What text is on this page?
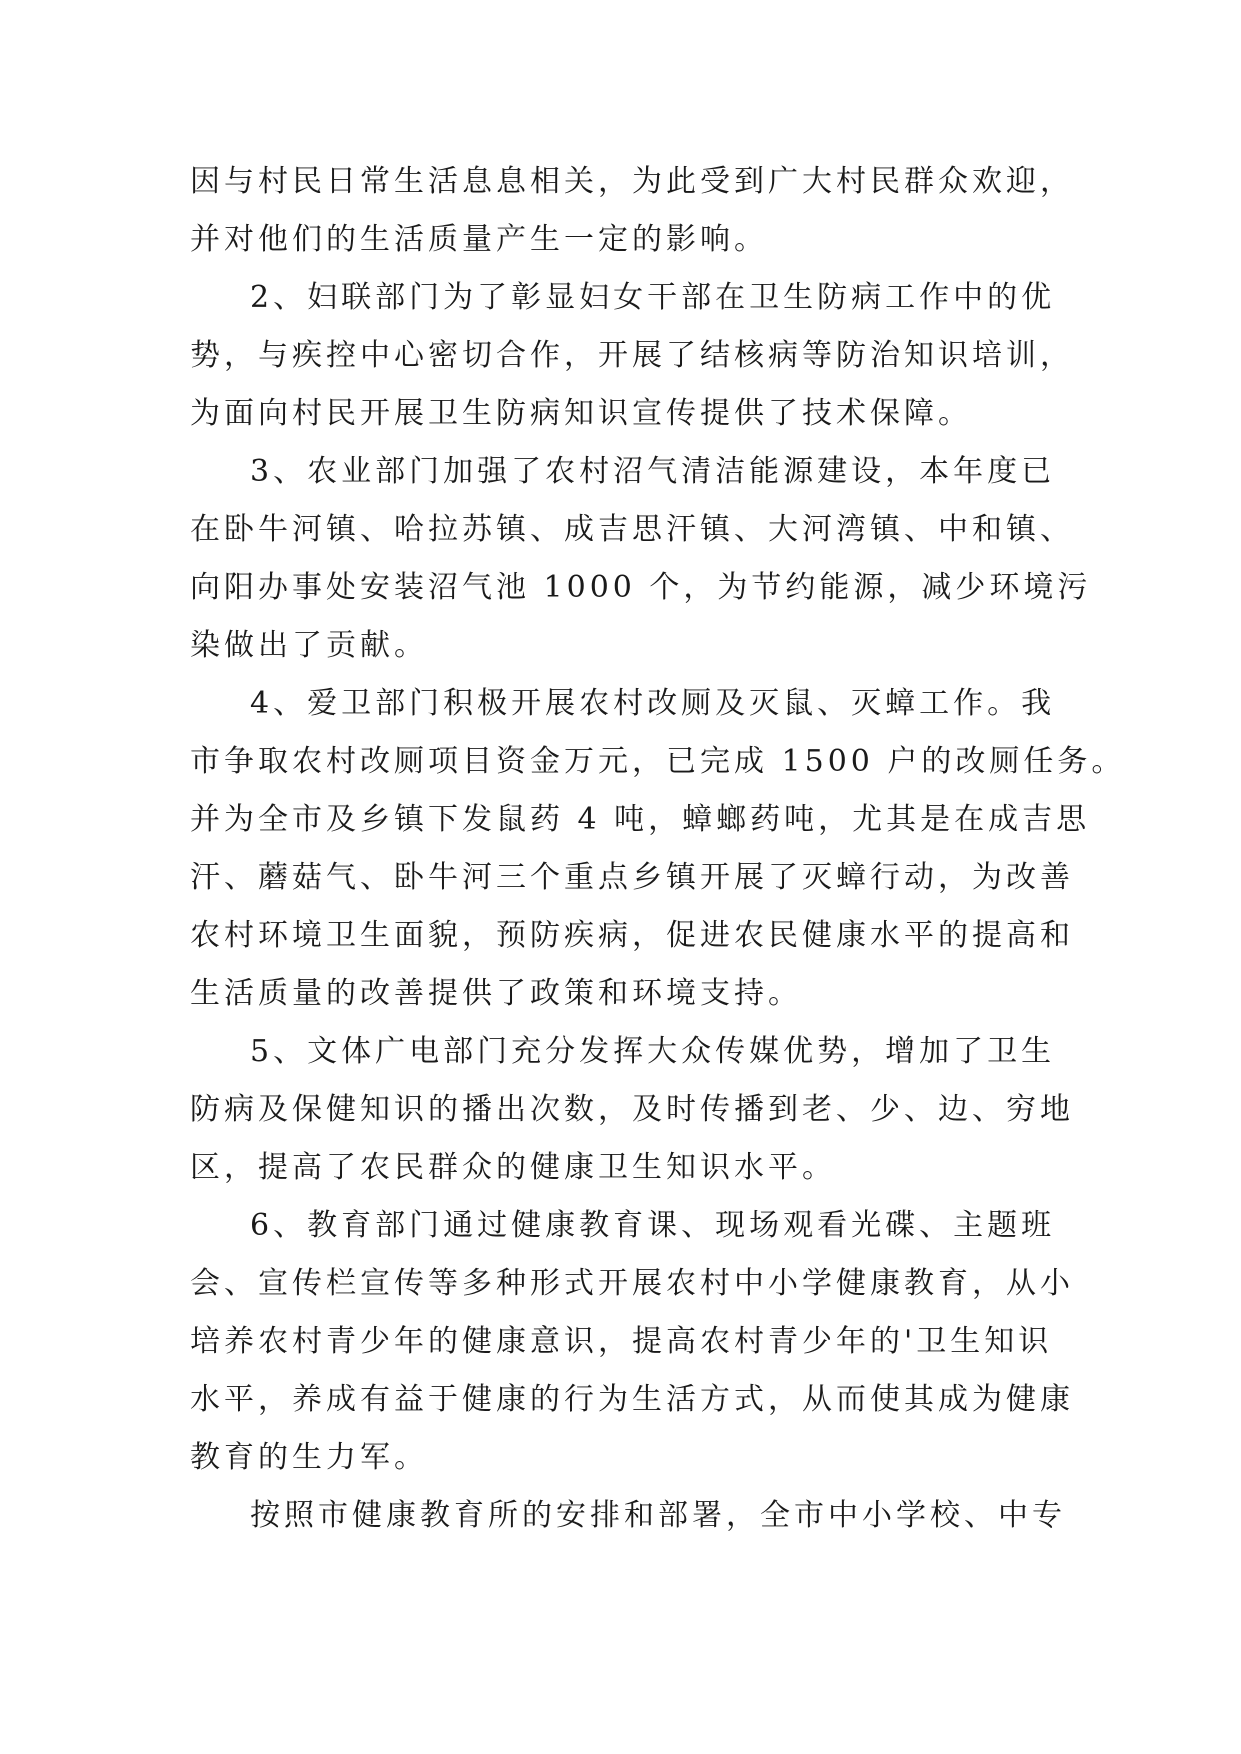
因与村民日常生活息息相关，为此受到广大村民群众欢迎，
并对他们的生活质量产生一定的影响。
2、妇联部门为了彰显妇女干部在卫生防病工作中的优
势，与疾控中心密切合作，开展了结核病等防治知识培训，
为面向村民开展卫生防病知识宣传提供了技术保障。
3、农业部门加强了农村沼气清洁能源建设，本年度已
在卧牛河镇、哈拉苏镇、成吉思汗镇、大河湾镇、中和镇、
向阳办事处安装沼气池 1000 个，为节约能源，减少环境污
染做出了贡献。
4、爱卫部门积极开展农村改厕及灭鼠、灭蟑工作。我
市争取农村改厕项目资金万元，已完成 1500 户的改厕任务。
并为全市及乡镇下发鼠药 4 吨，蟑螂药吨，尤其是在成吉思
汗、蘑菇气、卧牛河三个重点乡镇开展了灭蟑行动，为改善
农村环境卫生面貌，预防疾病，促进农民健康水平的提高和
生活质量的改善提供了政策和环境支持。
5、文体广电部门充分发挥大众传媒优势，增加了卫生
防病及保健知识的播出次数，及时传播到老、少、边、穷地
区，提高了农民群众的健康卫生知识水平。
6、教育部门通过健康教育课、现场观看光碟、主题班
会、宣传栏宣传等多种形式开展农村中小学健康教育，从小
培养农村青少年的健康意识，提高农村青少年的'卫生知识
水平，养成有益于健康的行为生活方式，从而使其成为健康
教育的生力军。
按照市健康教育所的安排和部署，全市中小学校、中专
